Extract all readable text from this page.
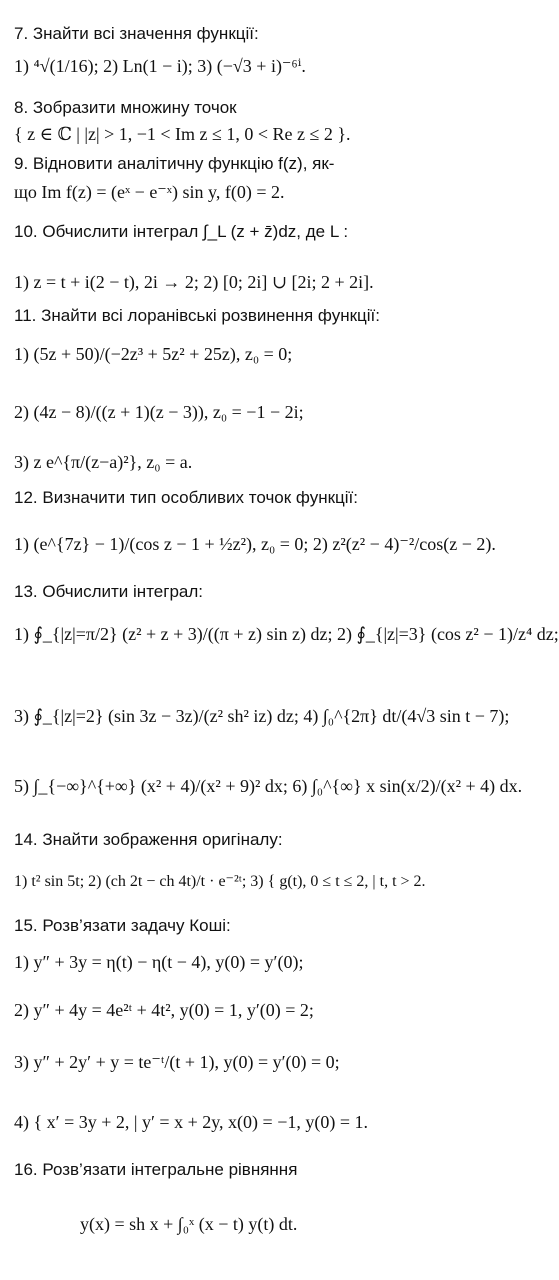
7. Знайти всі значення функції:
1) ⁴√(1/16); 2) Ln(1 − i); 3) (−√3 + i)⁻⁶ⁱ.
8. Зобразити множину точок
{ z ∈ ℂ | |z| > 1, −1 < Im z ≤ 1, 0 < Re z ≤ 2 }.
9. Відновити аналітичну функцію f(z), як-
що Im f(z) = (eˣ − e⁻ˣ) sin y, f(0) = 2.
10. Обчислити інтеграл ∫_L (z + z̄)dz, де L :
1) z = t + i(2 − t), 2i → 2; 2) [0; 2i] ∪ [2i; 2 + 2i].
11. Знайти всі лоранівські розвинення функції:
1) (5z + 50)/(−2z³ + 5z² + 25z), z₀ = 0;
2) (4z − 8)/((z + 1)(z − 3)), z₀ = −1 − 2i;
3) z e^{π/(z−a)²}, z₀ = a.
12. Визначити тип особливих точок функції:
1) (e^{7z} − 1)/(cos z − 1 + ½z²), z₀ = 0; 2) z²(z² − 4)⁻²/cos(z − 2).
13. Обчислити інтеграл:
1) ∮_{|z|=π/2} (z² + z + 3)/((π + z) sin z) dz; 2) ∮_{|z|=3} (cos z² − 1)/z⁴ dz;
3) ∮_{|z|=2} (sin 3z − 3z)/(z² sh² iz) dz; 4) ∫₀^{2π} dt/(4√3 sin t − 7);
5) ∫_{−∞}^{+∞} (x² + 4)/(x² + 9)² dx; 6) ∫₀^{∞} x sin(x/2)/(x² + 4) dx.
14. Знайти зображення оригіналу:
1) t² sin 5t; 2) (ch 2t − ch 4t)/t · e⁻²ᵗ; 3) { g(t), 0 ≤ t ≤ 2, | t, t > 2.
15. Розв’язати задачу Коші:
1) y″ + 3y = η(t) − η(t − 4), y(0) = y′(0);
2) y″ + 4y = 4e²ᵗ + 4t², y(0) = 1, y′(0) = 2;
3) y″ + 2y′ + y = te⁻ᵗ/(t + 1), y(0) = y′(0) = 0;
4) { x′ = 3y + 2, | y′ = x + 2y, x(0) = −1, y(0) = 1.
16. Розв’язати інтегральне рівняння
y(x) = sh x + ∫₀ˣ (x − t) y(t) dt.
